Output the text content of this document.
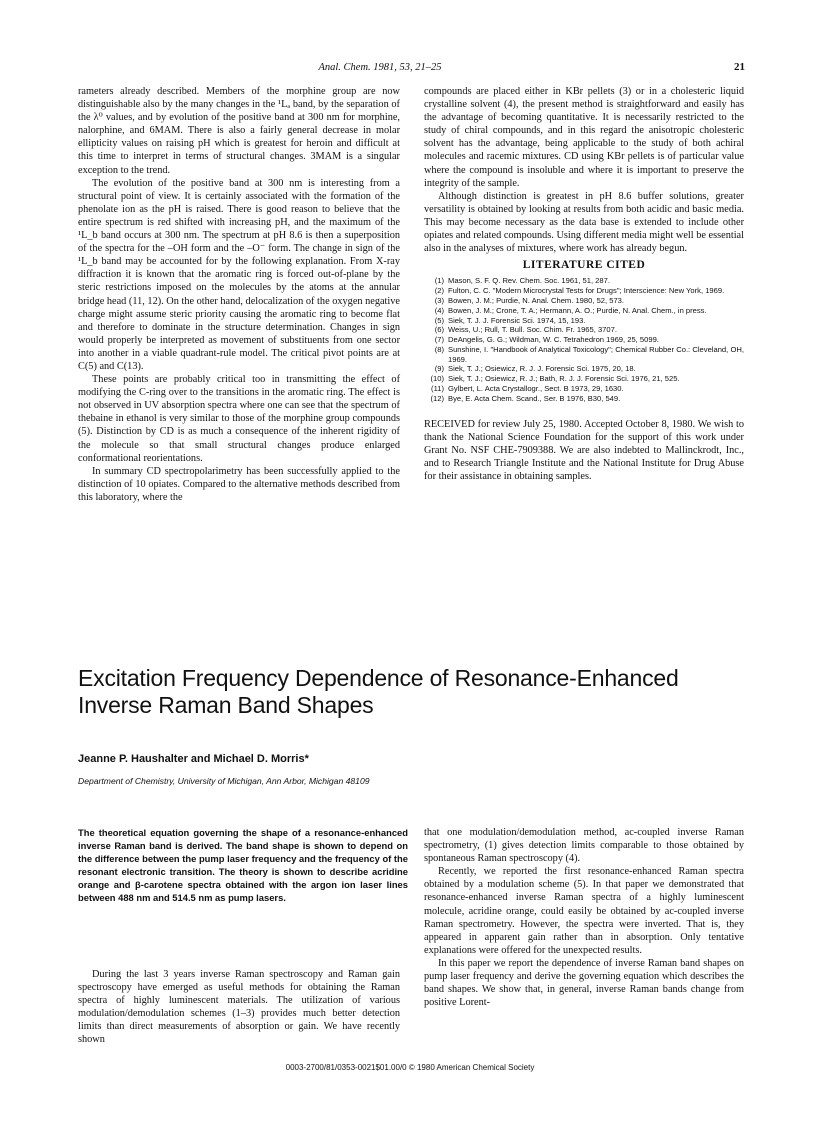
Anal. Chem. 1981, 53, 21–25	21

rameters already described. Members of the morphine group are now distinguishable also by the many changes in the ¹Lₐ band, by the separation of the λ⁰ values, and by evolution of the positive band at 300 nm for morphine, nalorphine, and 6MAM. There is also a fairly general decrease in molar ellipticity values on raising pH which is greatest for heroin and difficult at this time to interpret in terms of structural changes. 3MAM is a singular exception to the trend.

The evolution of the positive band at 300 nm is interesting from a structural point of view. It is certainly associated with the formation of the phenolate ion as the pH is raised. There is good reason to believe that the entire spectrum is red shifted with increasing pH, and the maximum of the ¹L_b band occurs at 300 nm. The spectrum at pH 8.6 is then a superposition of the spectra for the –OH form and the –O⁻ form. The change in sign of the ¹L_b band may be accounted for by the following explanation. From X-ray diffraction it is known that the aromatic ring is forced out-of-plane by the steric restrictions imposed on the molecules by the atoms at the annular bridge head (11, 12). On the other hand, delocalization of the oxygen negative charge might assume steric priority causing the aromatic ring to become flat and therefore to dominate in the structure determination. Changes in sign would properly be interpreted as movement of substituents from one sector into another in a viable quadrant-rule model. The critical pivot points are at C(5) and C(13).

These points are probably critical too in transmitting the effect of modifying the C-ring over to the transitions in the aromatic ring. The effect is not observed in UV absorption spectra where one can see that the spectrum of thebaine in ethanol is very similar to those of the morphine group compounds (5). Distinction by CD is as much a consequence of the inherent rigidity of the molecule so that small structural changes produce enlarged conformational reorientations.

In summary CD spectropolarimetry has been successfully applied to the distinction of 10 opiates. Compared to the alternative methods described from this laboratory, where the

compounds are placed either in KBr pellets (3) or in a cholesteric liquid crystalline solvent (4), the present method is straightforward and easily has the advantage of becoming quantitative. It is necessarily restricted to the study of chiral compounds, and in this regard the anisotropic cholesteric solvent has the advantage, being applicable to the study of both achiral molecules and racemic mixtures. CD using KBr pellets is of particular value where the compound is insoluble and where it is important to preserve the integrity of the sample.

Although distinction is greatest in pH 8.6 buffer solutions, greater versatility is obtained by looking at results from both acidic and basic media. This may become necessary as the data base is extended to include other opiates and related compounds. Using different media might well be essential also in the analyses of mixtures, where work has already begun.

LITERATURE CITED
(1) Mason, S. F. Q. Rev. Chem. Soc. 1961, 51, 287.
(2) Fulton, C. C. "Modern Microcrystal Tests for Drugs"; Interscience: New York, 1969.
(3) Bowen, J. M.; Purdie, N. Anal. Chem. 1980, 52, 573.
(4) Bowen, J. M.; Crone, T. A.; Hermann, A. O.; Purdie, N. Anal. Chem., in press.
(5) Siek, T. J. J. Forensic Sci. 1974, 15, 193.
(6) Weiss, U.; Rull, T. Bull. Soc. Chim. Fr. 1965, 3707.
(7) DeAngelis, G. G.; Wildman, W. C. Tetrahedron 1969, 25, 5099.
(8) Sunshine, I. "Handbook of Analytical Toxicology"; Chemical Rubber Co.: Cleveland, OH, 1969.
(9) Siek, T. J.; Osiewicz, R. J. J. Forensic Sci. 1975, 20, 18.
(10) Siek, T. J.; Osiewicz, R. J.; Bath, R. J. J. Forensic Sci. 1976, 21, 525.
(11) Gylbert, L. Acta Crystallogr., Sect. B 1973, 29, 1630.
(12) Bye, E. Acta Chem. Scand., Ser. B 1976, B30, 549.

RECEIVED for review July 25, 1980. Accepted October 8, 1980. We wish to thank the National Science Foundation for the support of this work under Grant No. NSF CHE-7909388. We are also indebted to Mallinckrodt, Inc., and to Research Triangle Institute and the National Institute for Drug Abuse for their assistance in obtaining samples.

Excitation Frequency Dependence of Resonance-Enhanced Inverse Raman Band Shapes
Jeanne P. Haushalter and Michael D. Morris*
Department of Chemistry, University of Michigan, Ann Arbor, Michigan 48109
The theoretical equation governing the shape of a resonance-enhanced inverse Raman band is derived. The band shape is shown to depend on the difference between the pump laser frequency and the frequency of the resonant electronic transition. The theory is shown to describe acridine orange and β-carotene spectra obtained with the argon ion laser lines between 488 nm and 514.5 nm as pump lasers.

During the last 3 years inverse Raman spectroscopy and Raman gain spectroscopy have emerged as useful methods for obtaining the Raman spectra of highly luminescent materials. The utilization of various modulation/demodulation schemes (1–3) provides much better detection limits than direct measurements of absorption or gain. We have recently shown

that one modulation/demodulation method, ac-coupled inverse Raman spectrometry, (1) gives detection limits comparable to those obtained by spontaneous Raman spectroscopy (4).

Recently, we reported the first resonance-enhanced Raman spectra obtained by a modulation scheme (5). In that paper we demonstrated that resonance-enhanced inverse Raman spectra of a highly luminescent molecule, acridine orange, could easily be obtained by ac-coupled inverse Raman spectrometry. However, the spectra were inverted. That is, they appeared in apparent gain rather than in absorption. Only tentative explanations were offered for the unexpected results.

In this paper we report the dependence of inverse Raman band shapes on pump laser frequency and derive the governing equation which describes the band shapes. We show that, in general, inverse Raman bands change from positive Lorent-

0003-2700/81/0353-0021$01.00/0 © 1980 American Chemical Society
